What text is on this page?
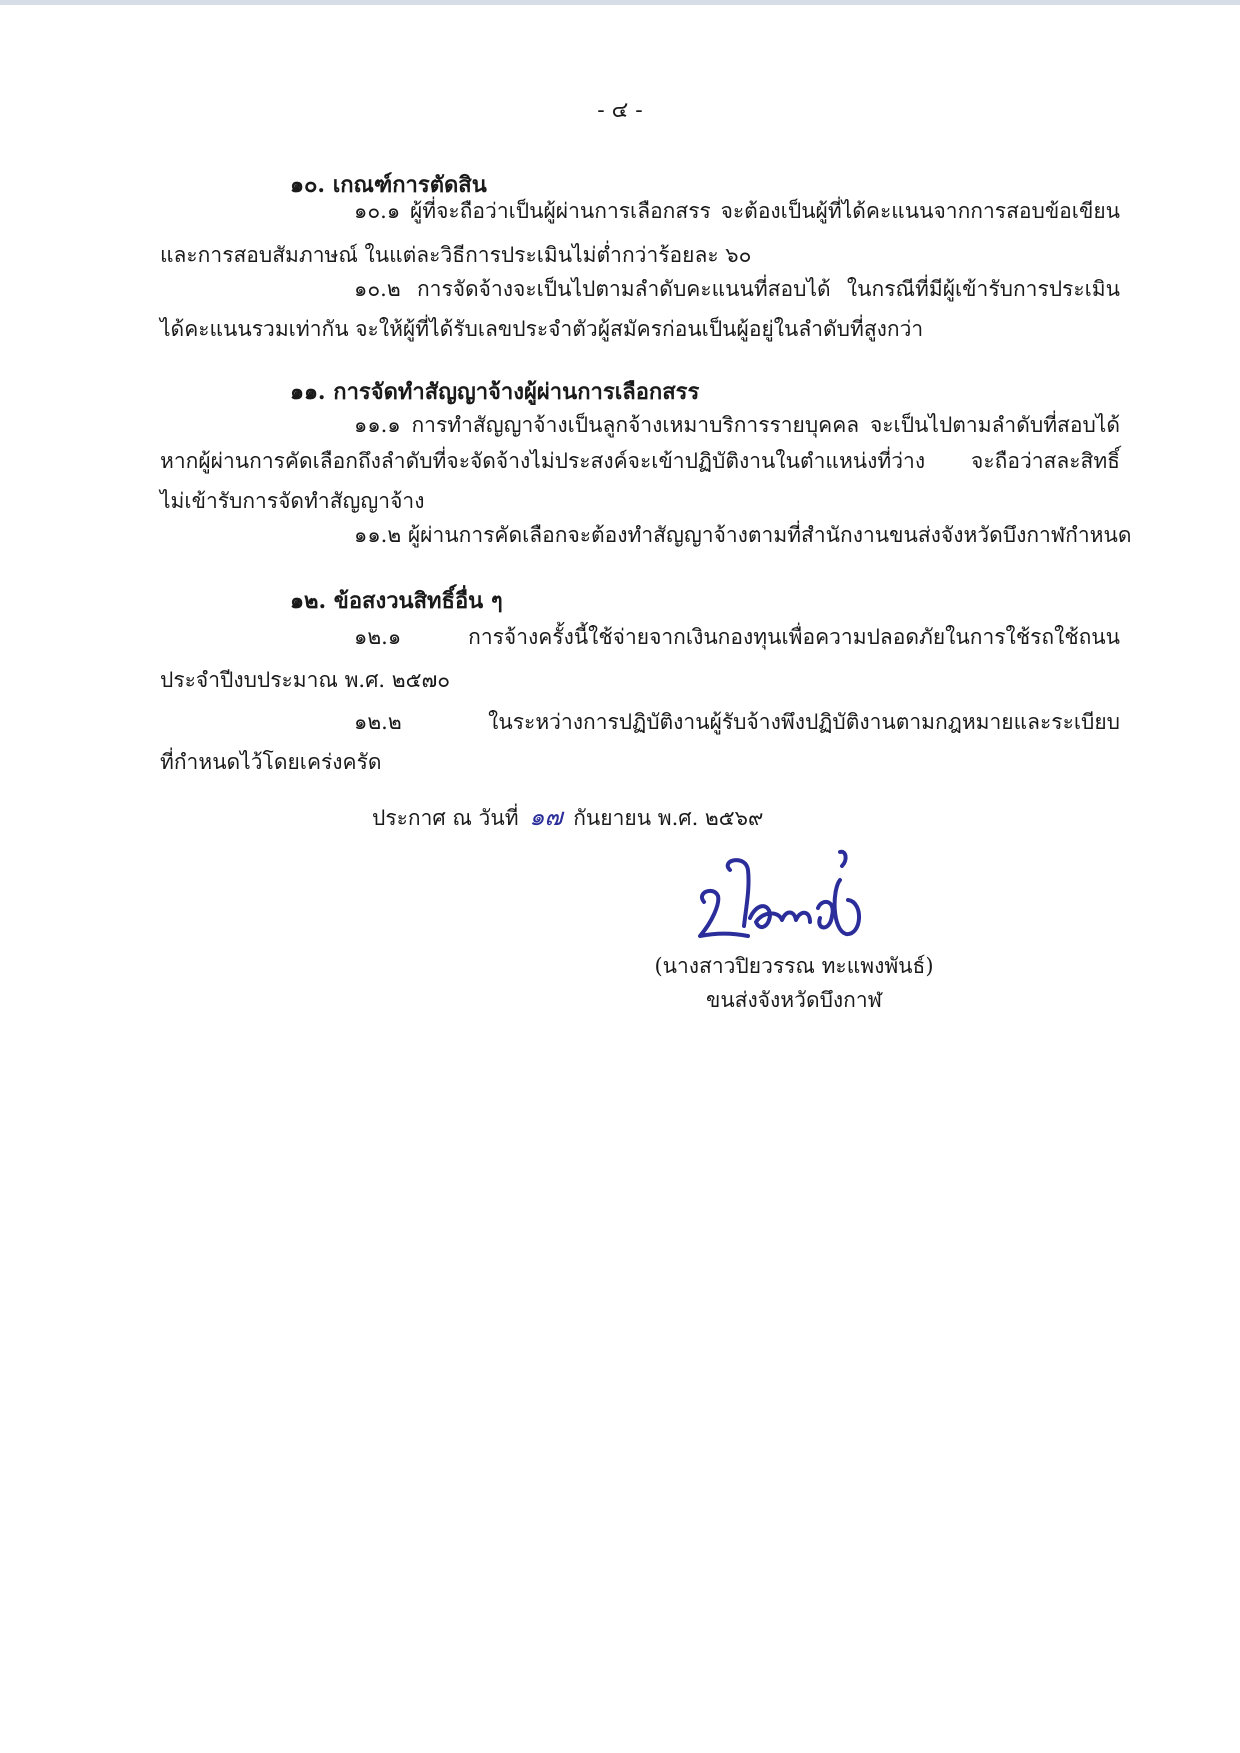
- ๔ -
๑๐. เกณฑ์การตัดสิน
๑๐.๑ ผู้ที่จะถือว่าเป็นผู้ผ่านการเลือกสรร จะต้องเป็นผู้ที่ได้คะแนนจากการสอบข้อเขียน
และการสอบสัมภาษณ์ ในแต่ละวิธีการประเมินไม่ต่ำกว่าร้อยละ ๖๐
๑๐.๒ การจัดจ้างจะเป็นไปตามลำดับคะแนนที่สอบได้ ในกรณีที่มีผู้เข้ารับการประเมิน
ได้คะแนนรวมเท่ากัน จะให้ผู้ที่ได้รับเลขประจำตัวผู้สมัครก่อนเป็นผู้อยู่ในลำดับที่สูงกว่า
๑๑. การจัดทำสัญญาจ้างผู้ผ่านการเลือกสรร
๑๑.๑ การทำสัญญาจ้างเป็นลูกจ้างเหมาบริการรายบุคคล จะเป็นไปตามลำดับที่สอบได้
หากผู้ผ่านการคัดเลือกถึงลำดับที่จะจัดจ้างไม่ประสงค์จะเข้าปฏิบัติงานในตำแหน่งที่ว่าง จะถือว่าสละสิทธิ์
ไม่เข้ารับการจัดทำสัญญาจ้าง
๑๑.๒ ผู้ผ่านการคัดเลือกจะต้องทำสัญญาจ้างตามที่สำนักงานขนส่งจังหวัดบึงกาฬกำหนด
๑๒. ข้อสงวนสิทธิ์อื่น ๆ
๑๒.๑ การจ้างครั้งนี้ใช้จ่ายจากเงินกองทุนเพื่อความปลอดภัยในการใช้รถใช้ถนน
ประจำปีงบประมาณ พ.ศ. ๒๕๗๐
๑๒.๒ ในระหว่างการปฏิบัติงานผู้รับจ้างพึงปฏิบัติงานตามกฎหมายและระเบียบ
ที่กำหนดไว้โดยเคร่งครัด
ประกาศ ณ วันที่ ๑๗ กันยายน พ.ศ. ๒๕๖๙
(นางสาวปิยวรรณ ทะแพงพันธ์)
ขนส่งจังหวัดบึงกาฬ
